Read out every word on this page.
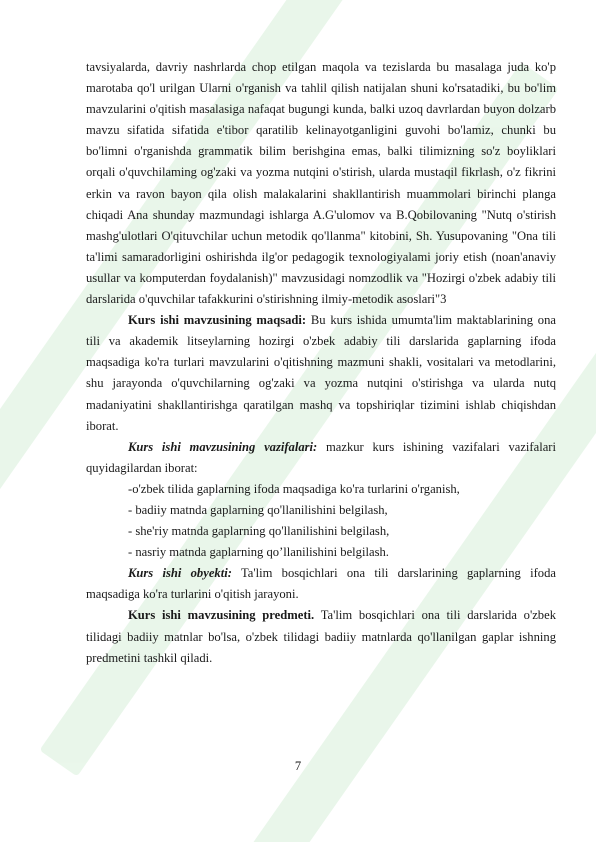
tavsiyalarda, davriy nashrlarda chop etilgan maqola va tezislarda bu masalaga juda ko'p marotaba qo'l urilgan Ularni o'rganish va tahlil qilish natijalan shuni ko'rsatadiki, bu bo'lim mavzularini o'qitish masalasiga nafaqat bugungi kunda, balki uzoq davrlardan buyon dolzarb mavzu sifatida sifatida e'tibor qaratilib kelinayotganligini guvohi bo'lamiz, chunki bu bo'limni o'rganishda grammatik bilim berishgina emas, balki tilimizning so'z boyliklari orqali o'quvchilaming og'zaki va yozma nutqini o'stirish, ularda mustaqil fikrlash, o'z fikrini erkin va ravon bayon qila olish malakalarini shakllantirish muammolari birinchi planga chiqadi Ana shunday mazmundagi ishlarga A.G'ulomov va B.Qobilovaning "Nutq o'stirish mashg'ulotlari O'qituvchilar uchun metodik qo'llanma" kitobini, Sh. Yusupovaning "Ona tili ta'limi samaradorligini oshirishda ilg'or pedagogik texnologiyalami joriy etish (noan'anaviy usullar va komputerdan foydalanish)" mavzusidagi nomzodlik va "Hozirgi o'zbek adabiy tili darslarida o'quvchilar tafakkurini o'stirishning ilmiy-metodik asoslari"3

Kurs ishi mavzusining maqsadi: Bu kurs ishida umumta'lim maktablarining ona tili va akademik litseylarning hozirgi o'zbek adabiy tili darslarida gaplarning ifoda maqsadiga ko'ra turlari mavzularini o'qitishning mazmuni shakli, vositalari va metodlarini, shu jarayonda o'quvchilarning og'zaki va yozma nutqini o'stirishga va ularda nutq madaniyatini shakllantirishga qaratilgan mashq va topshiriqlar tizimini ishlab chiqishdan iborat.

Kurs ishi mavzusining vazifalari: mazkur kurs ishining vazifalari vazifalari quyidagilardan iborat:

-o'zbek tilida gaplarning ifoda maqsadiga ko'ra turlarini o'rganish,

- badiiy matnda gaplarning qo'llanilishini belgilash,

- she'riy matnda gaplarning qo'llanilishini belgilash,

- nasriy matnda gaplarning qo’llanilishini belgilash.

Kurs ishi obyekti: Ta'lim bosqichlari ona tili darslarining gaplarning ifoda maqsadiga ko'ra turlarini o'qitish jarayoni.

Kurs ishi mavzusining predmeti. Ta'lim bosqichlari ona tili darslarida o'zbek tilidagi badiiy matnlar bo'lsa, o'zbek tilidagi badiiy matnlarda qo'llanilgan gaplar ishning predmetini tashkil qiladi.

7
